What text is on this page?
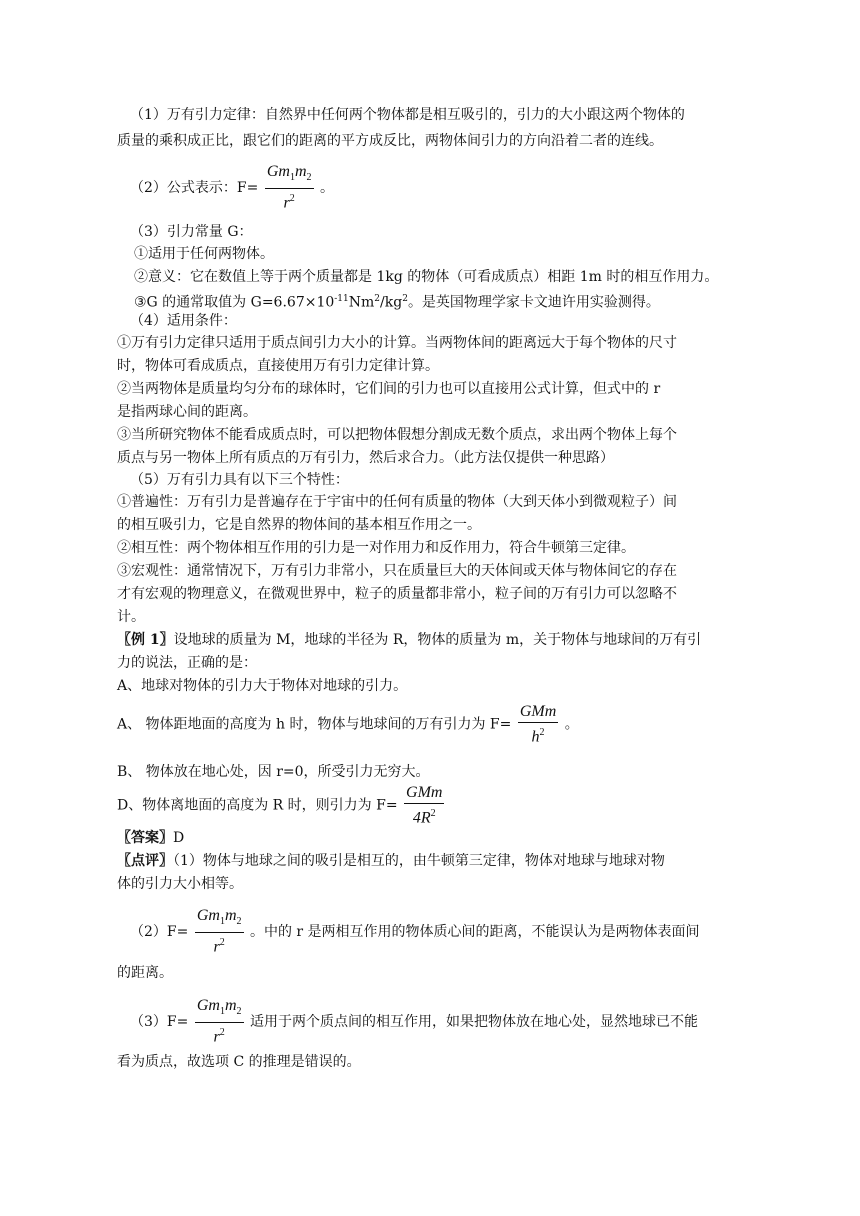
（1）万有引力定律：自然界中任何两个物体都是相互吸引的，引力的大小跟这两个物体的
质量的乘积成正比，跟它们的距离的平方成反比，两物体间引力的方向沿着二者的连线。
（2）公式表示：$F= \frac{Gm_1m_2}{r^2}$ 。
（3）引力常量 G：
①适用于任何两物体。
②意义：它在数值上等于两个质量都是 1kg 的物体（可看成质点）相距 1m 时的相互作用力。
③G 的通常取值为 $G=6.67\times 10^{-11}Nm^2/kg^2$。是英国物理学家卡文迪许用实验测得。
（4）适用条件：
①万有引力定律只适用于质点间引力大小的计算。当两物体间的距离远大于每个物体的尺寸
时，物体可看成质点，直接使用万有引力定律计算。
②当两物体是质量均匀分布的球体时，它们间的引力也可以直接用公式计算，但式中的 r
是指两球心间的距离。
③当所研究物体不能看成质点时，可以把物体假想分割成无数个质点，求出两个物体上每个
质点与另一物体上所有质点的万有引力，然后求合力。（此方法仅提供一种思路）
（5）万有引力具有以下三个特性：
①普遍性：万有引力是普遍存在于宇宙中的任何有质量的物体（大到天体小到微观粒子）间
的相互吸引力，它是自然界的物体间的基本相互作用之一。
②相互性：两个物体相互作用的引力是一对作用力和反作用力，符合牛顿第三定律。
③宏观性：通常情况下，万有引力非常小，只在质量巨大的天体间或天体与物体间它的存在
才有宏观的物理意义，在微观世界中，粒子的质量都非常小，粒子间的万有引力可以忽略不
计。
〖例 1〗设地球的质量为 M，地球的半径为 R，物体的质量为 m，关于物体与地球间的万有引
力的说法，正确的是：
A、地球对物体的引力大于物体对地球的引力。
A、 物体距地面的高度为 h 时，物体与地球间的万有引力为 $F= \frac{\text{GMm}}{h^2}$ 。
B、 物体放在地心处，因 r=0，所受引力无穷大。
D、物体离地面的高度为 R 时，则引力为 $F= \frac{\text{GMm}}{4R^2}$
〖答案〗D
〖点评〗（1）物体与地球之间的吸引是相互的，由牛顿第三定律，物体对地球与地球对物
体的引力大小相等。
$(2)F= \frac{Gm_1m_2}{r^2}$ 。中的 r 是两相互作用的物体质心间的距离，不能误认为是两物体表面间
的距离。
$(3)F= \frac{Gm_1m_2}{r^2}$ 适用于两个质点间的相互作用，如果把物体放在地心处，显然地球已不能
看为质点，故选项 C 的推理是错误的。
